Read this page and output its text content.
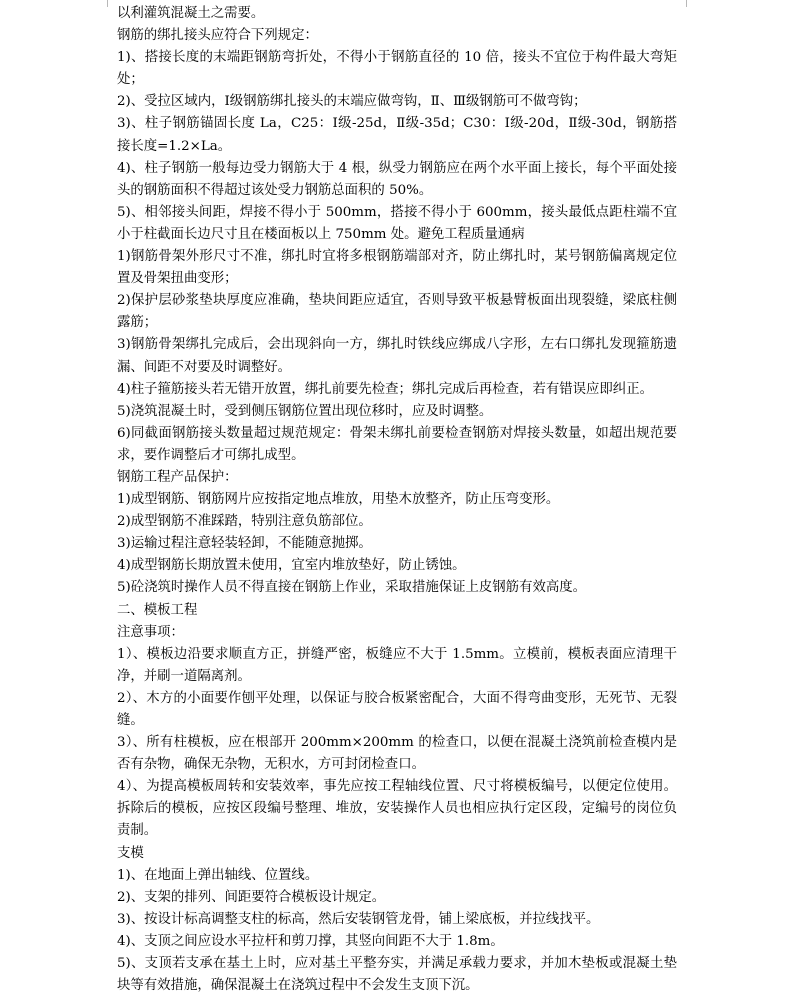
以利灌筑混凝土之需要。

钢筋的绑扎接头应符合下列规定：

1)、搭接长度的末端距钢筋弯折处，不得小于钢筋直径的 10 倍，接头不宜位于构件最大弯矩处；

2)、受拉区域内，Ⅰ级钢筋绑扎接头的末端应做弯钩，Ⅱ、Ⅲ级钢筋可不做弯钩；

3)、柱子钢筋锚固长度 La，C25：Ⅰ级-25d，Ⅱ级-35d；C30：Ⅰ级-20d，Ⅱ级-30d，钢筋搭接长度=1.2×La。

4)、柱子钢筋一般每边受力钢筋大于 4 根，纵受力钢筋应在两个水平面上接长，每个平面处接头的钢筋面积不得超过该处受力钢筋总面积的 50%。

5)、相邻接头间距，焊接不得小于 500mm，搭接不得小于 600mm，接头最低点距柱端不宜小于柱截面长边尺寸且在楼面板以上 750mm 处。避免工程质量通病

1)钢筋骨架外形尺寸不准，绑扎时宜将多根钢筋端部对齐，防止绑扎时，某号钢筋偏离规定位置及骨架扭曲变形；

2)保护层砂浆垫块厚度应准确，垫块间距应适宜，否则导致平板悬臂板面出现裂缝，梁底柱侧露筋；

3)钢筋骨架绑扎完成后，会出现斜向一方，绑扎时铁线应绑成八字形，左右口绑扎发现箍筋遗漏、间距不对要及时调整好。

4)柱子箍筋接头若无错开放置，绑扎前要先检查；绑扎完成后再检查，若有错误应即纠正。

5)浇筑混凝土时，受到侧压钢筋位置出现位移时，应及时调整。

6)同截面钢筋接头数量超过规范规定：骨架未绑扎前要检查钢筋对焊接头数量，如超出规范要求，要作调整后才可绑扎成型。

钢筋工程产品保护：

1)成型钢筋、钢筋网片应按指定地点堆放，用垫木放整齐，防止压弯变形。

2)成型钢筋不准踩踏，特别注意负筋部位。

3)运输过程注意轻装轻卸，不能随意抛掷。

4)成型钢筋长期放置未使用，宜室内堆放垫好，防止锈蚀。

5)砼浇筑时操作人员不得直接在钢筋上作业，采取措施保证上皮钢筋有效高度。

二、模板工程

注意事项：

1）、模板边沿要求顺直方正，拼缝严密，板缝应不大于 1.5mm。立模前，模板表面应清理干净，并刷一道隔离剂。

2）、木方的小面要作刨平处理，以保证与胶合板紧密配合，大面不得弯曲变形，无死节、无裂缝。

3）、所有柱模板，应在根部开 200mm×200mm 的检查口，以便在混凝土浇筑前检查模内是否有杂物，确保无杂物，无积水，方可封闭检查口。

4）、为提高模板周转和安装效率，事先应按工程轴线位置、尺寸将模板编号，以便定位使用。拆除后的模板，应按区段编号整理、堆放，安装操作人员也相应执行定区段，定编号的岗位负责制。

支模

1)、在地面上弹出轴线、位置线。

2)、支架的排列、间距要符合模板设计规定。

3)、按设计标高调整支柱的标高，然后安装钢管龙骨，铺上梁底板，并拉线找平。

4)、支顶之间应设水平拉杆和剪刀撑，其竖向间距不大于 1.8m。

5)、支顶若支承在基土上时，应对基土平整夯实，并满足承载力要求，并加木垫板或混凝土垫块等有效措施，确保混凝土在浇筑过程中不会发生支顶下沉。
